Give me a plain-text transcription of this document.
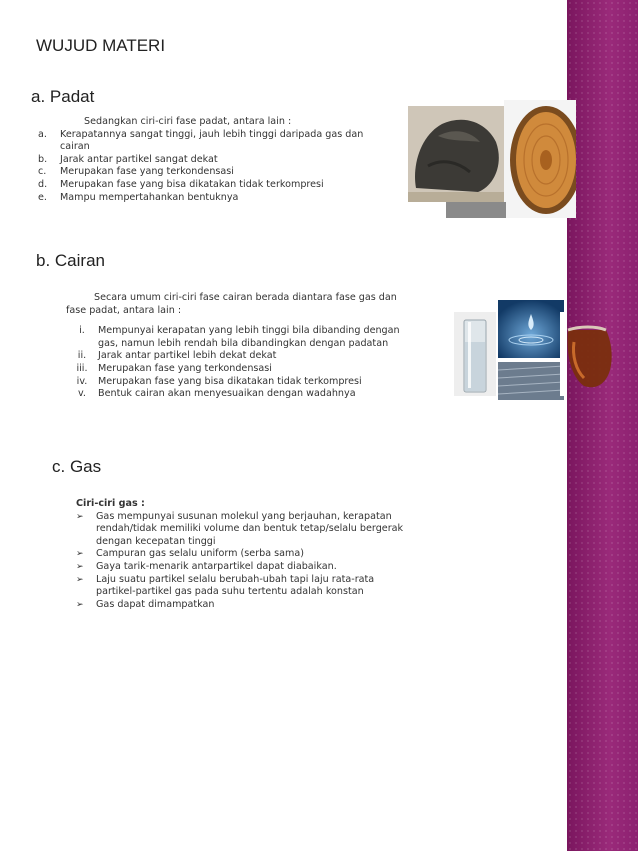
WUJUD MATERI
a. Padat
Sedangkan ciri-ciri fase padat, antara lain :
a.	Kerapatannya sangat tinggi, jauh lebih tinggi daripada gas dan
cairan
b.	Jarak antar partikel sangat dekat
c.	Merupakan fase yang terkondensasi
d.	Merupakan fase yang bisa dikatakan tidak terkompresi
e.	Mampu mempertahankan bentuknya
b. Cairan
Secara umum ciri-ciri fase cairan berada diantara fase gas dan
fase padat, antara lain :
i.	Mempunyai kerapatan yang lebih tinggi bila dibanding dengan
gas, namun lebih rendah bila dibandingkan dengan padatan
ii.	Jarak antar partikel lebih dekat dekat
iii.	Merupakan fase yang terkondensasi
iv.	Merupakan fase yang bisa dikatakan tidak terkompresi
v.	Bentuk cairan akan menyesuaikan dengan wadahnya
c. Gas
Ciri-ciri gas :
➢	Gas mempunyai susunan molekul yang berjauhan, kerapatan
rendah/tidak memiliki volume dan bentuk tetap/selalu bergerak
dengan kecepatan tinggi
➢	Campuran gas selalu uniform (serba sama)
➢	Gaya tarik-menarik antarpartikel dapat diabaikan.
➢	Laju suatu partikel selalu berubah-ubah tapi laju rata-rata
partikel-partikel gas pada suhu tertentu adalah konstan
➢	Gas dapat dimampatkan
